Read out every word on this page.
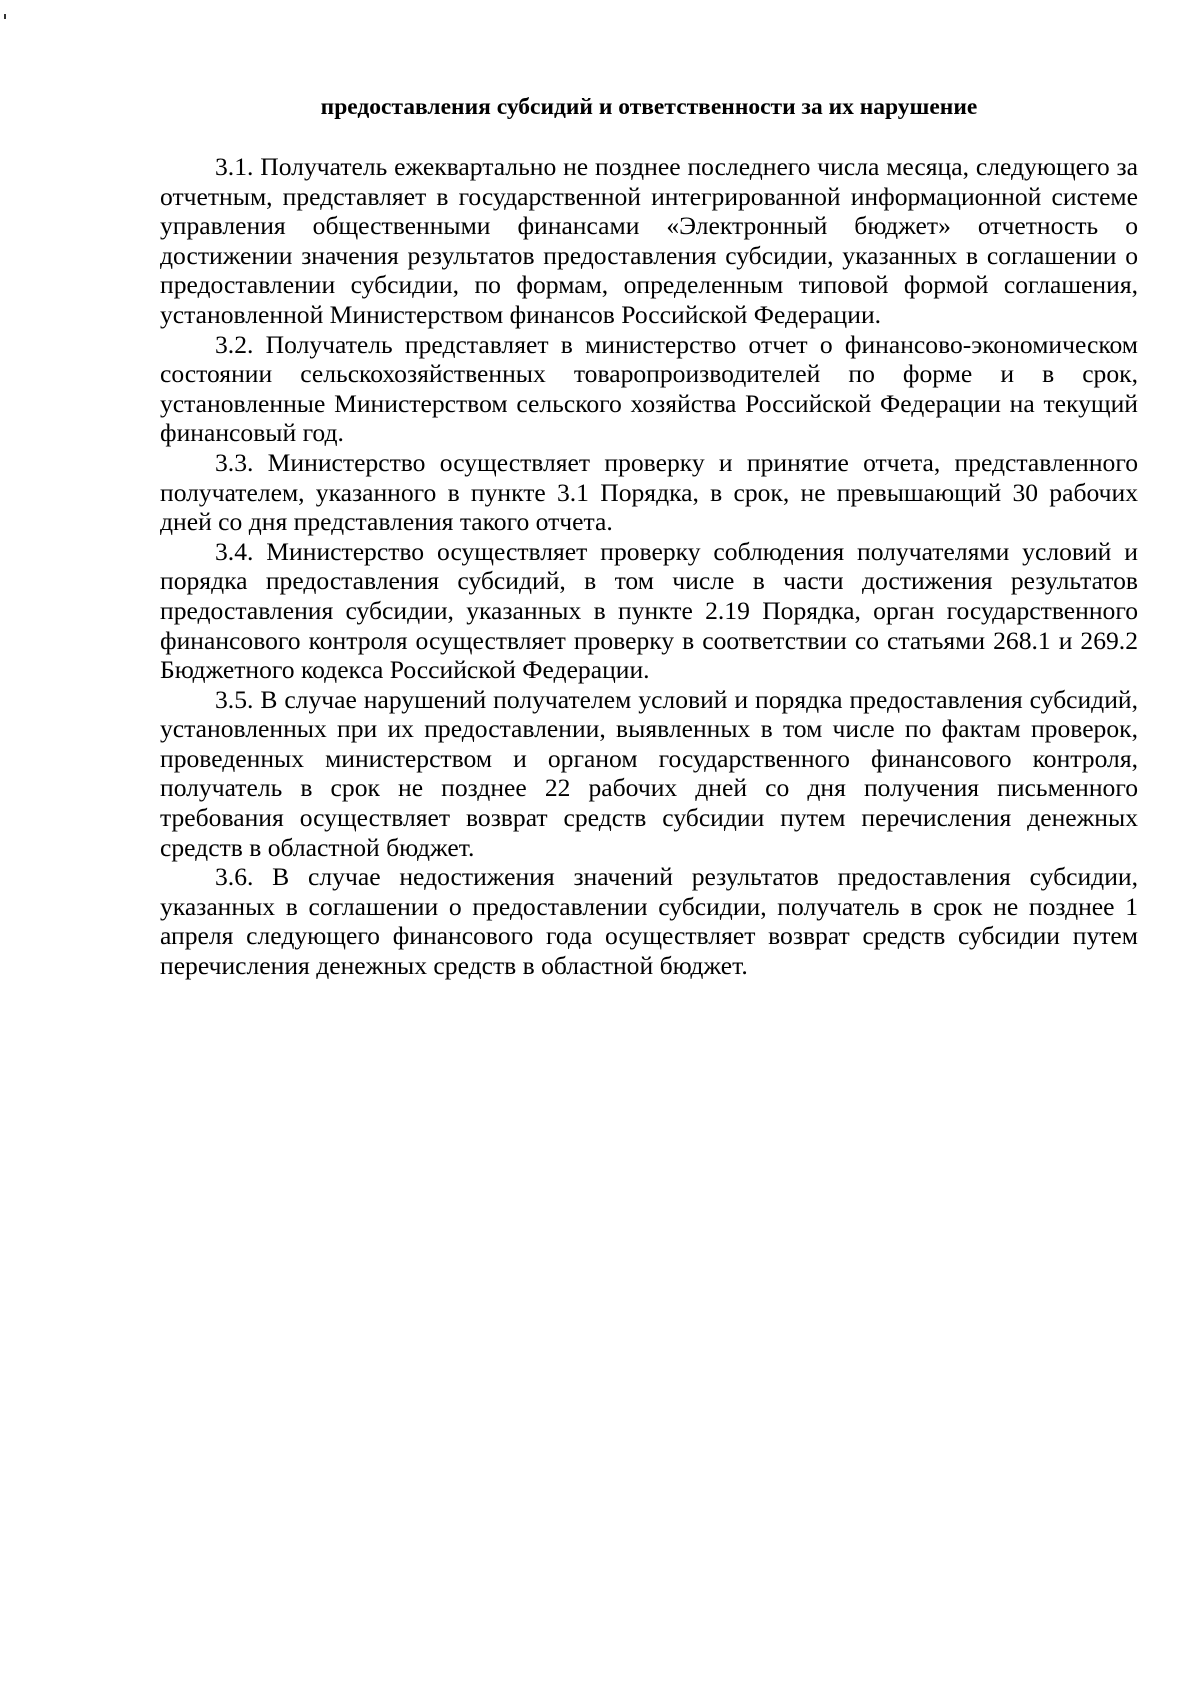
предоставления субсидий и ответственности за их нарушение

3.1. Получатель ежеквартально не позднее последнего числа месяца, следующего за отчетным, представляет в государственной интегрированной информационной системе управления общественными финансами «Электронный бюджет» отчетность о достижении значения результатов предоставления субсидии, указанных в соглашении о предоставлении субсидии, по формам, определенным типовой формой соглашения, установленной Министерством финансов Российской Федерации.

3.2. Получатель представляет в министерство отчет о финансово-экономическом состоянии сельскохозяйственных товаропроизводителей по форме и в срок, установленные Министерством сельского хозяйства Российской Федерации на текущий финансовый год.

3.3. Министерство осуществляет проверку и принятие отчета, представленного получателем, указанного в пункте 3.1 Порядка, в срок, не превышающий 30 рабочих дней со дня представления такого отчета.

3.4. Министерство осуществляет проверку соблюдения получателями условий и порядка предоставления субсидий, в том числе в части достижения результатов предоставления субсидии, указанных в пункте 2.19 Порядка, орган государственного финансового контроля осуществляет проверку в соответствии со статьями 268.1 и 269.2 Бюджетного кодекса Российской Федерации.

3.5. В случае нарушений получателем условий и порядка предоставления субсидий, установленных при их предоставлении, выявленных в том числе по фактам проверок, проведенных министерством и органом государственного финансового контроля, получатель в срок не позднее 22 рабочих дней со дня получения письменного требования осуществляет возврат средств субсидии путем перечисления денежных средств в областной бюджет.

3.6. В случае недостижения значений результатов предоставления субсидии, указанных в соглашении о предоставлении субсидии, получатель в срок не позднее 1 апреля следующего финансового года осуществляет возврат средств субсидии путем перечисления денежных средств в областной бюджет.
